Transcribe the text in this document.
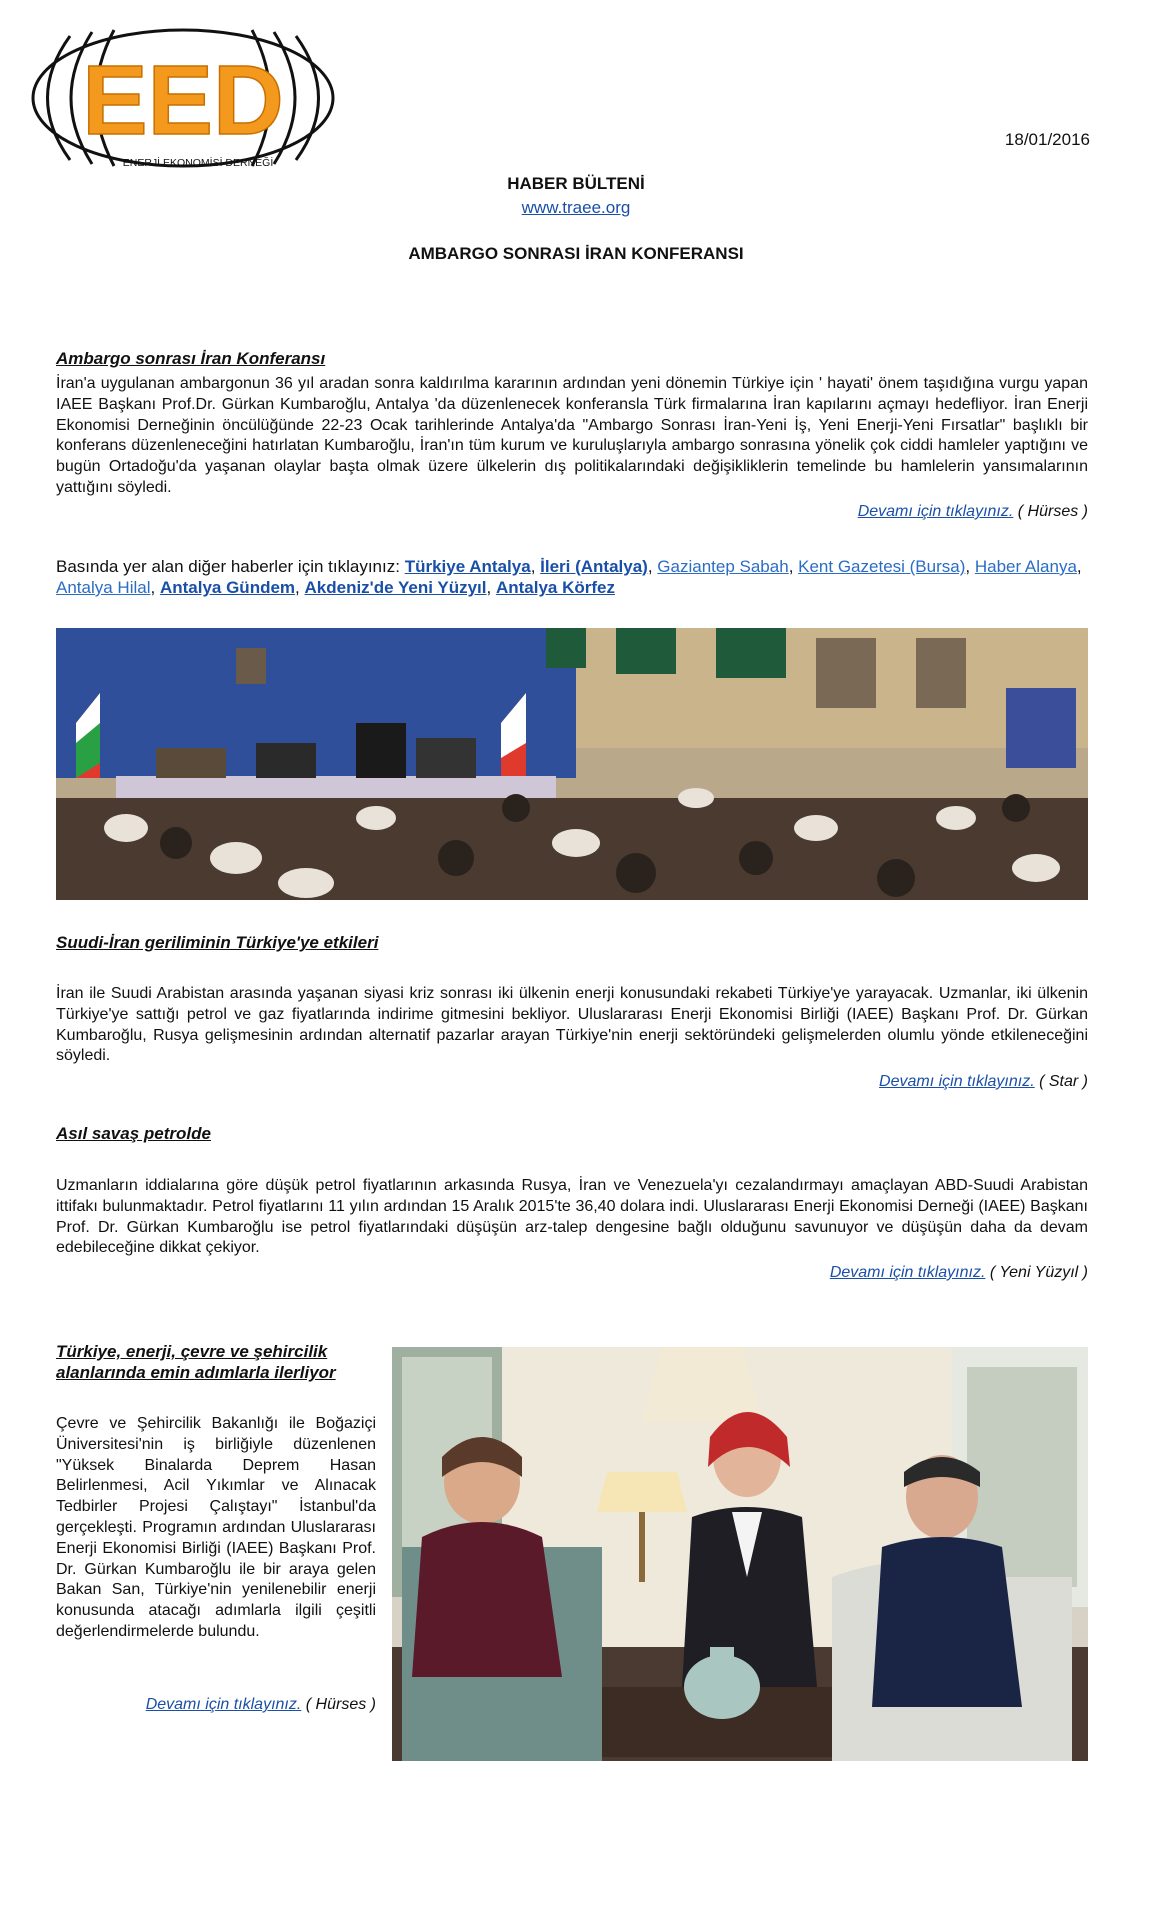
EED
ENERJİ EKONOMİSİ DERNEĞİ
18/01/2016
HABER BÜLTENİ
www.traee.org
AMBARGO SONRASI İRAN KONFERANSI
Ambargo sonrası İran Konferansı
İran'a uygulanan ambargonun 36 yıl aradan sonra kaldırılma kararının ardından yeni dönemin Türkiye için ' hayati' önem taşıdığına vurgu yapan IAEE Başkanı Prof.Dr. Gürkan Kumbaroğlu, Antalya 'da düzenlenecek konferansla Türk firmalarına İran kapılarını açmayı hedefliyor. İran Enerji Ekonomisi Derneğinin öncülüğünde 22-23 Ocak tarihlerinde Antalya'da "Ambargo Sonrası İran-Yeni İş, Yeni Enerji-Yeni Fırsatlar" başlıklı bir konferans düzenleneceğini hatırlatan Kumbaroğlu, İran'ın tüm kurum ve kuruluşlarıyla ambargo sonrasına yönelik çok ciddi hamleler yaptığını ve bugün Ortadoğu'da yaşanan olaylar başta olmak üzere ülkelerin dış politikalarındaki değişikliklerin temelinde bu hamlelerin yansımalarının yattığını söyledi.
Devamı için tıklayınız. ( Hürses )
Basında yer alan diğer haberler için tıklayınız: Türkiye Antalya, İleri (Antalya), Gaziantep Sabah, Kent Gazetesi (Bursa), Haber Alanya, Antalya Hilal, Antalya Gündem, Akdeniz'de Yeni Yüzyıl, Antalya Körfez
Suudi-İran geriliminin Türkiye'ye etkileri
İran ile Suudi Arabistan arasında yaşanan siyasi kriz sonrası iki ülkenin enerji konusundaki rekabeti Türkiye'ye yarayacak. Uzmanlar, iki ülkenin Türkiye'ye sattığı petrol ve gaz fiyatlarında indirime gitmesini bekliyor. Uluslararası Enerji Ekonomisi Birliği (IAEE) Başkanı Prof. Dr. Gürkan Kumbaroğlu, Rusya gelişmesinin ardından alternatif pazarlar arayan Türkiye'nin enerji sektöründeki gelişmelerden olumlu yönde etkileneceğini söyledi.
Devamı için tıklayınız. ( Star )
Asıl savaş petrolde
Uzmanların iddialarına göre düşük petrol fiyatlarının arkasında Rusya, İran ve Venezuela'yı cezalandırmayı amaçlayan ABD-Suudi Arabistan ittifakı bulunmaktadır. Petrol fiyatlarını 11 yılın ardından 15 Aralık 2015'te 36,40 dolara indi. Uluslararası Enerji Ekonomisi Derneği (IAEE) Başkanı Prof. Dr. Gürkan Kumbaroğlu ise petrol fiyatlarındaki düşüşün arz-talep dengesine bağlı olduğunu savunuyor ve düşüşün daha da devam edebileceğine dikkat çekiyor.
Devamı için tıklayınız. ( Yeni Yüzyıl )
Türkiye, enerji, çevre ve şehircilik alanlarında emin adımlarla ilerliyor
Çevre ve Şehircilik Bakanlığı ile Boğaziçi Üniversitesi'nin iş birliğiyle düzenlenen "Yüksek Binalarda Deprem Hasan Belirlenmesi, Acil Yıkımlar ve Alınacak Tedbirler Projesi Çalıştayı" İstanbul'da gerçekleşti. Programın ardından Uluslararası Enerji Ekonomisi Birliği (IAEE) Başkanı Prof. Dr. Gürkan Kumbaroğlu ile bir araya gelen Bakan San, Türkiye'nin yenilenebilir enerji konusunda atacağı adımlarla ilgili çeşitli değerlendirmelerde bulundu.
Devamı için tıklayınız. ( Hürses )
